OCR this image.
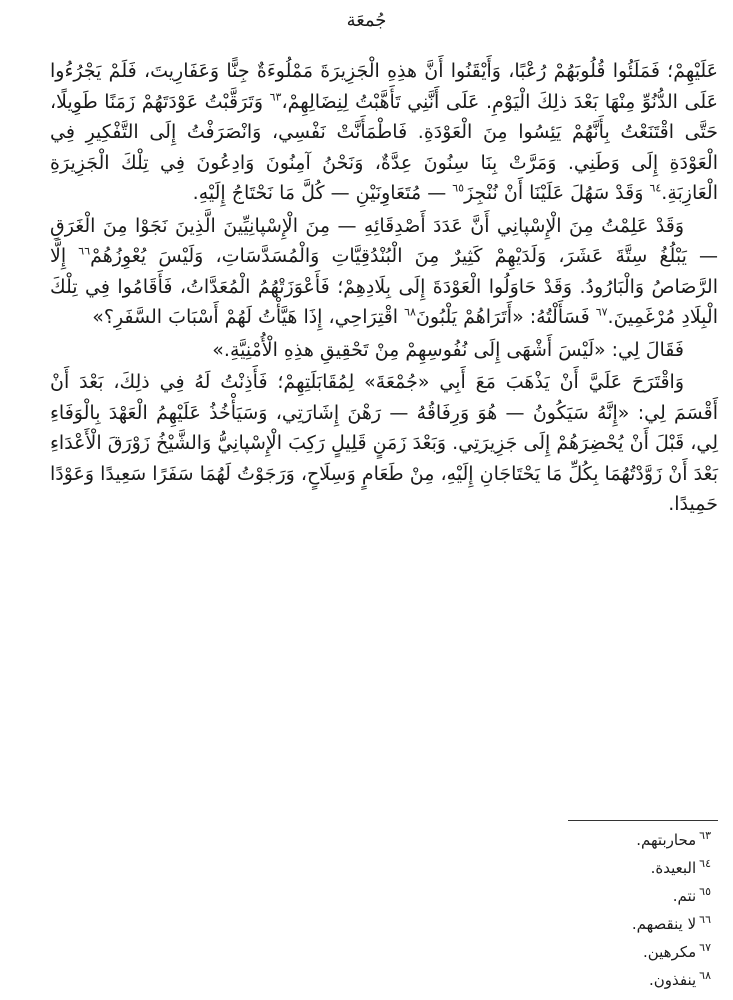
جُمعَة

عَلَيْهِمْ؛ فَمَلَئُوا قُلُوبَهُمْ رُعْبًا، وَأَيْقَنُوا أَنَّ هذِهِ الْجَزِيرَةَ مَمْلُوءَةٌ جِنًّا وَعَفَارِيتَ، فَلَمْ يَجْرُءُوا عَلَى الدُّنُوِّ مِنْهَا بَعْدَ ذلِكَ الْيَوْمِ. عَلَى أَنَّنِي تَأَهَّبْتُ لِنِضَالِهِمْ،$^{٦٣}$ وَتَرَقَّبْتُ عَوْدَتَهُمْ زَمَنًا طَوِيلًا، حَتَّى اقْتَنَعْتُ بِأَنَّهُمْ يَئِسُوا مِنَ الْعَوْدَةِ. فَاطْمَأَنَّتْ نَفْسِي، وَانْصَرَفْتُ إِلَى التَّفْكِيرِ فِي الْعَوْدَةِ إِلَى وَطَنِي. وَمَرَّتْ بِنَا سِنُونَ عِدَّةٌ، وَنَحْنُ آمِنُونَ وَادِعُونَ فِي تِلْكَ الْجَزِيرَةِ الْعَازِبَةِ.$^{٦٤}$ وَقَدْ سَهُلَ عَلَيْنَا أَنْ نُنْجِزَ$^{٦٥}$ — مُتَعَاوِنَيْنِ — كُلَّ مَا نَحْتَاجُ إِلَيْهِ.

وَقَدْ عَلِمْتُ مِنَ الْإِسْپانِي أَنَّ عَدَدَ أَصْدِقَائِهِ — مِنَ الْإِسْپانِيِّينَ الَّذِينَ نَجَوْا مِنَ الْغَرَقِ — يَبْلُغُ سِتَّةَ عَشَرَ، وَلَدَيْهِمْ كَثِيرٌ مِنَ الْبُنْدُقِيَّاتِ وَالْمُسَدَّسَاتِ، وَلَيْسَ يُعْوِزُهُمْ$^{٦٦}$ إِلَّا الرَّصَاصُ وَالْبَارُودُ. وَقَدْ حَاوَلُوا الْعَوْدَةَ إِلَى بِلَادِهِمْ؛ فَأَعْوَزَتْهُمُ الْمُعَدَّاتُ، فَأَقَامُوا فِي تِلْكَ الْبِلَادِ مُرْغَمِينَ.$^{٦٧}$ فَسَأَلْتُهُ: «أَتَرَاهُمْ يَلْبُونَ$^{٦٨}$ اقْتِرَاحِي، إِذَا هَيَّأْتُ لَهُمْ أَسْبَابَ السَّفَرِ؟»

فَقَالَ لِي: «لَيْسَ أَشْهَى إِلَى نُفُوسِهِمْ مِنْ تَحْقِيقِ هذِهِ الْأُمْنِيَّةِ.»

وَاقْتَرَحَ عَلَيَّ أَنْ يَذْهَبَ مَعَ أَبِي «جُمْعَةَ» لِمُقَابَلَتِهِمْ؛ فَأَذِنْتُ لَهُ فِي ذلِكَ، بَعْدَ أَنْ أَقْسَمَ لِي: «إِنَّهُ سَيَكُونُ — هُوَ وَرِفَاقُهُ — رَهْنَ إِشَارَتِي، وَسَيَأْخُذُ عَلَيْهِمُ الْعَهْدَ بِالْوَفَاءِ لِي، قَبْلَ أَنْ يُحْضِرَهُمْ إِلَى جَزِيرَتِي. وَبَعْدَ زَمَنٍ قَلِيلٍ رَكِبَ الْإِسْپانِيُّ وَالشَّيْخُ زَوْرَقَ الْأَعْدَاءِ بَعْدَ أَنْ زَوَّدْتُهُمَا بِكُلِّ مَا يَحْتَاجَانِ إِلَيْهِ، مِنْ طَعَامٍ وَسِلَاحٍ، وَرَجَوْتُ لَهُمَا سَفَرًا سَعِيدًا وَعَوْدًا حَمِيدًا.

$^{٦٣}$محاربتهم.
$^{٦٤}$البعيدة.
$^{٦٥}$نتم.
$^{٦٦}$لا ينقصهم.
$^{٦٧}$مكرهين.
$^{٦٨}$ينفذون.
